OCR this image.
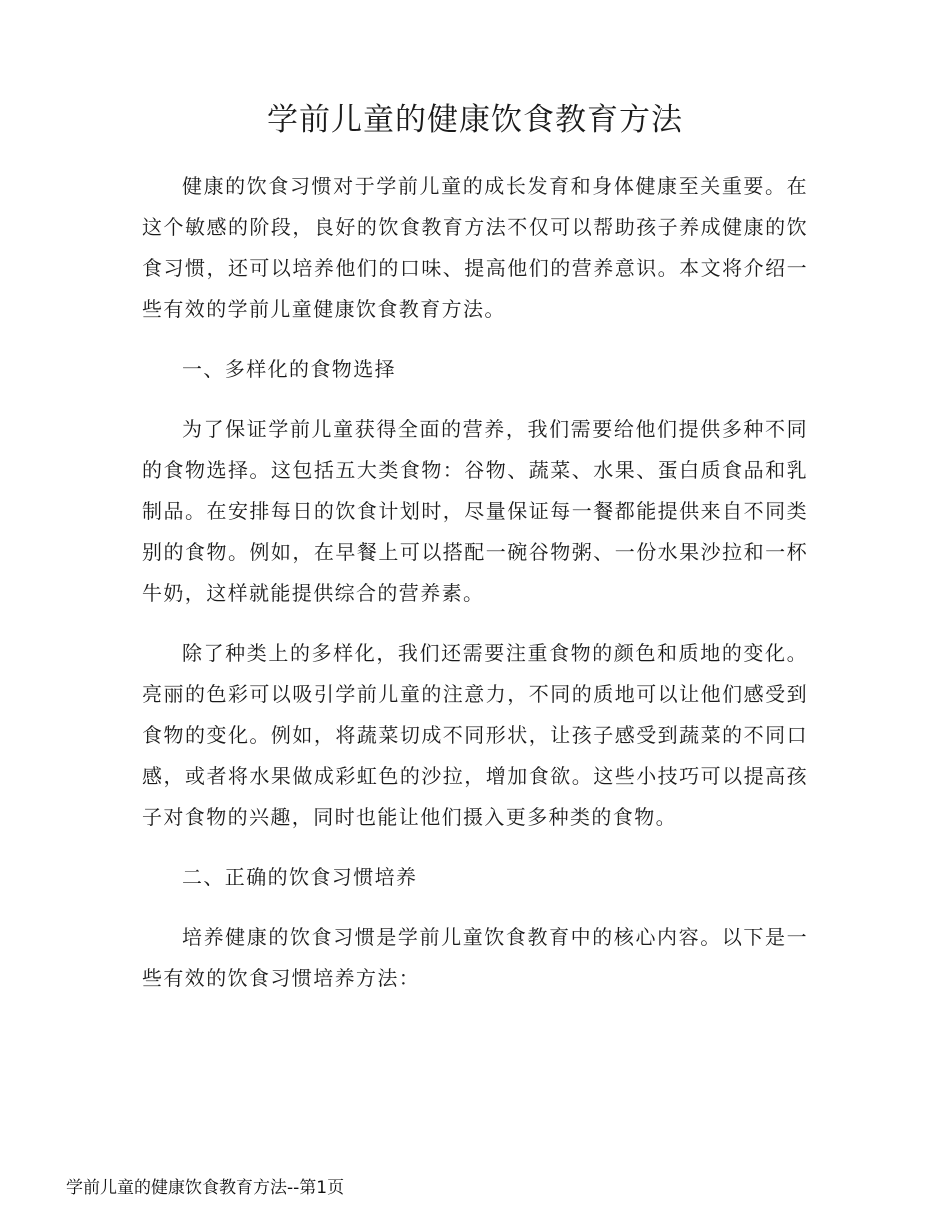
学前儿童的健康饮食教育方法

健康的饮食习惯对于学前儿童的成长发育和身体健康至关重要。在这个敏感的阶段，良好的饮食教育方法不仅可以帮助孩子养成健康的饮食习惯，还可以培养他们的口味、提高他们的营养意识。本文将介绍一些有效的学前儿童健康饮食教育方法。

一、多样化的食物选择

为了保证学前儿童获得全面的营养，我们需要给他们提供多种不同的食物选择。这包括五大类食物：谷物、蔬菜、水果、蛋白质食品和乳制品。在安排每日的饮食计划时，尽量保证每一餐都能提供来自不同类别的食物。例如，在早餐上可以搭配一碗谷物粥、一份水果沙拉和一杯牛奶，这样就能提供综合的营养素。

除了种类上的多样化，我们还需要注重食物的颜色和质地的变化。亮丽的色彩可以吸引学前儿童的注意力，不同的质地可以让他们感受到食物的变化。例如，将蔬菜切成不同形状，让孩子感受到蔬菜的不同口感，或者将水果做成彩虹色的沙拉，增加食欲。这些小技巧可以提高孩子对食物的兴趣，同时也能让他们摄入更多种类的食物。

二、正确的饮食习惯培养

培养健康的饮食习惯是学前儿童饮食教育中的核心内容。以下是一些有效的饮食习惯培养方法：

学前儿童的健康饮食教育方法--第1页
